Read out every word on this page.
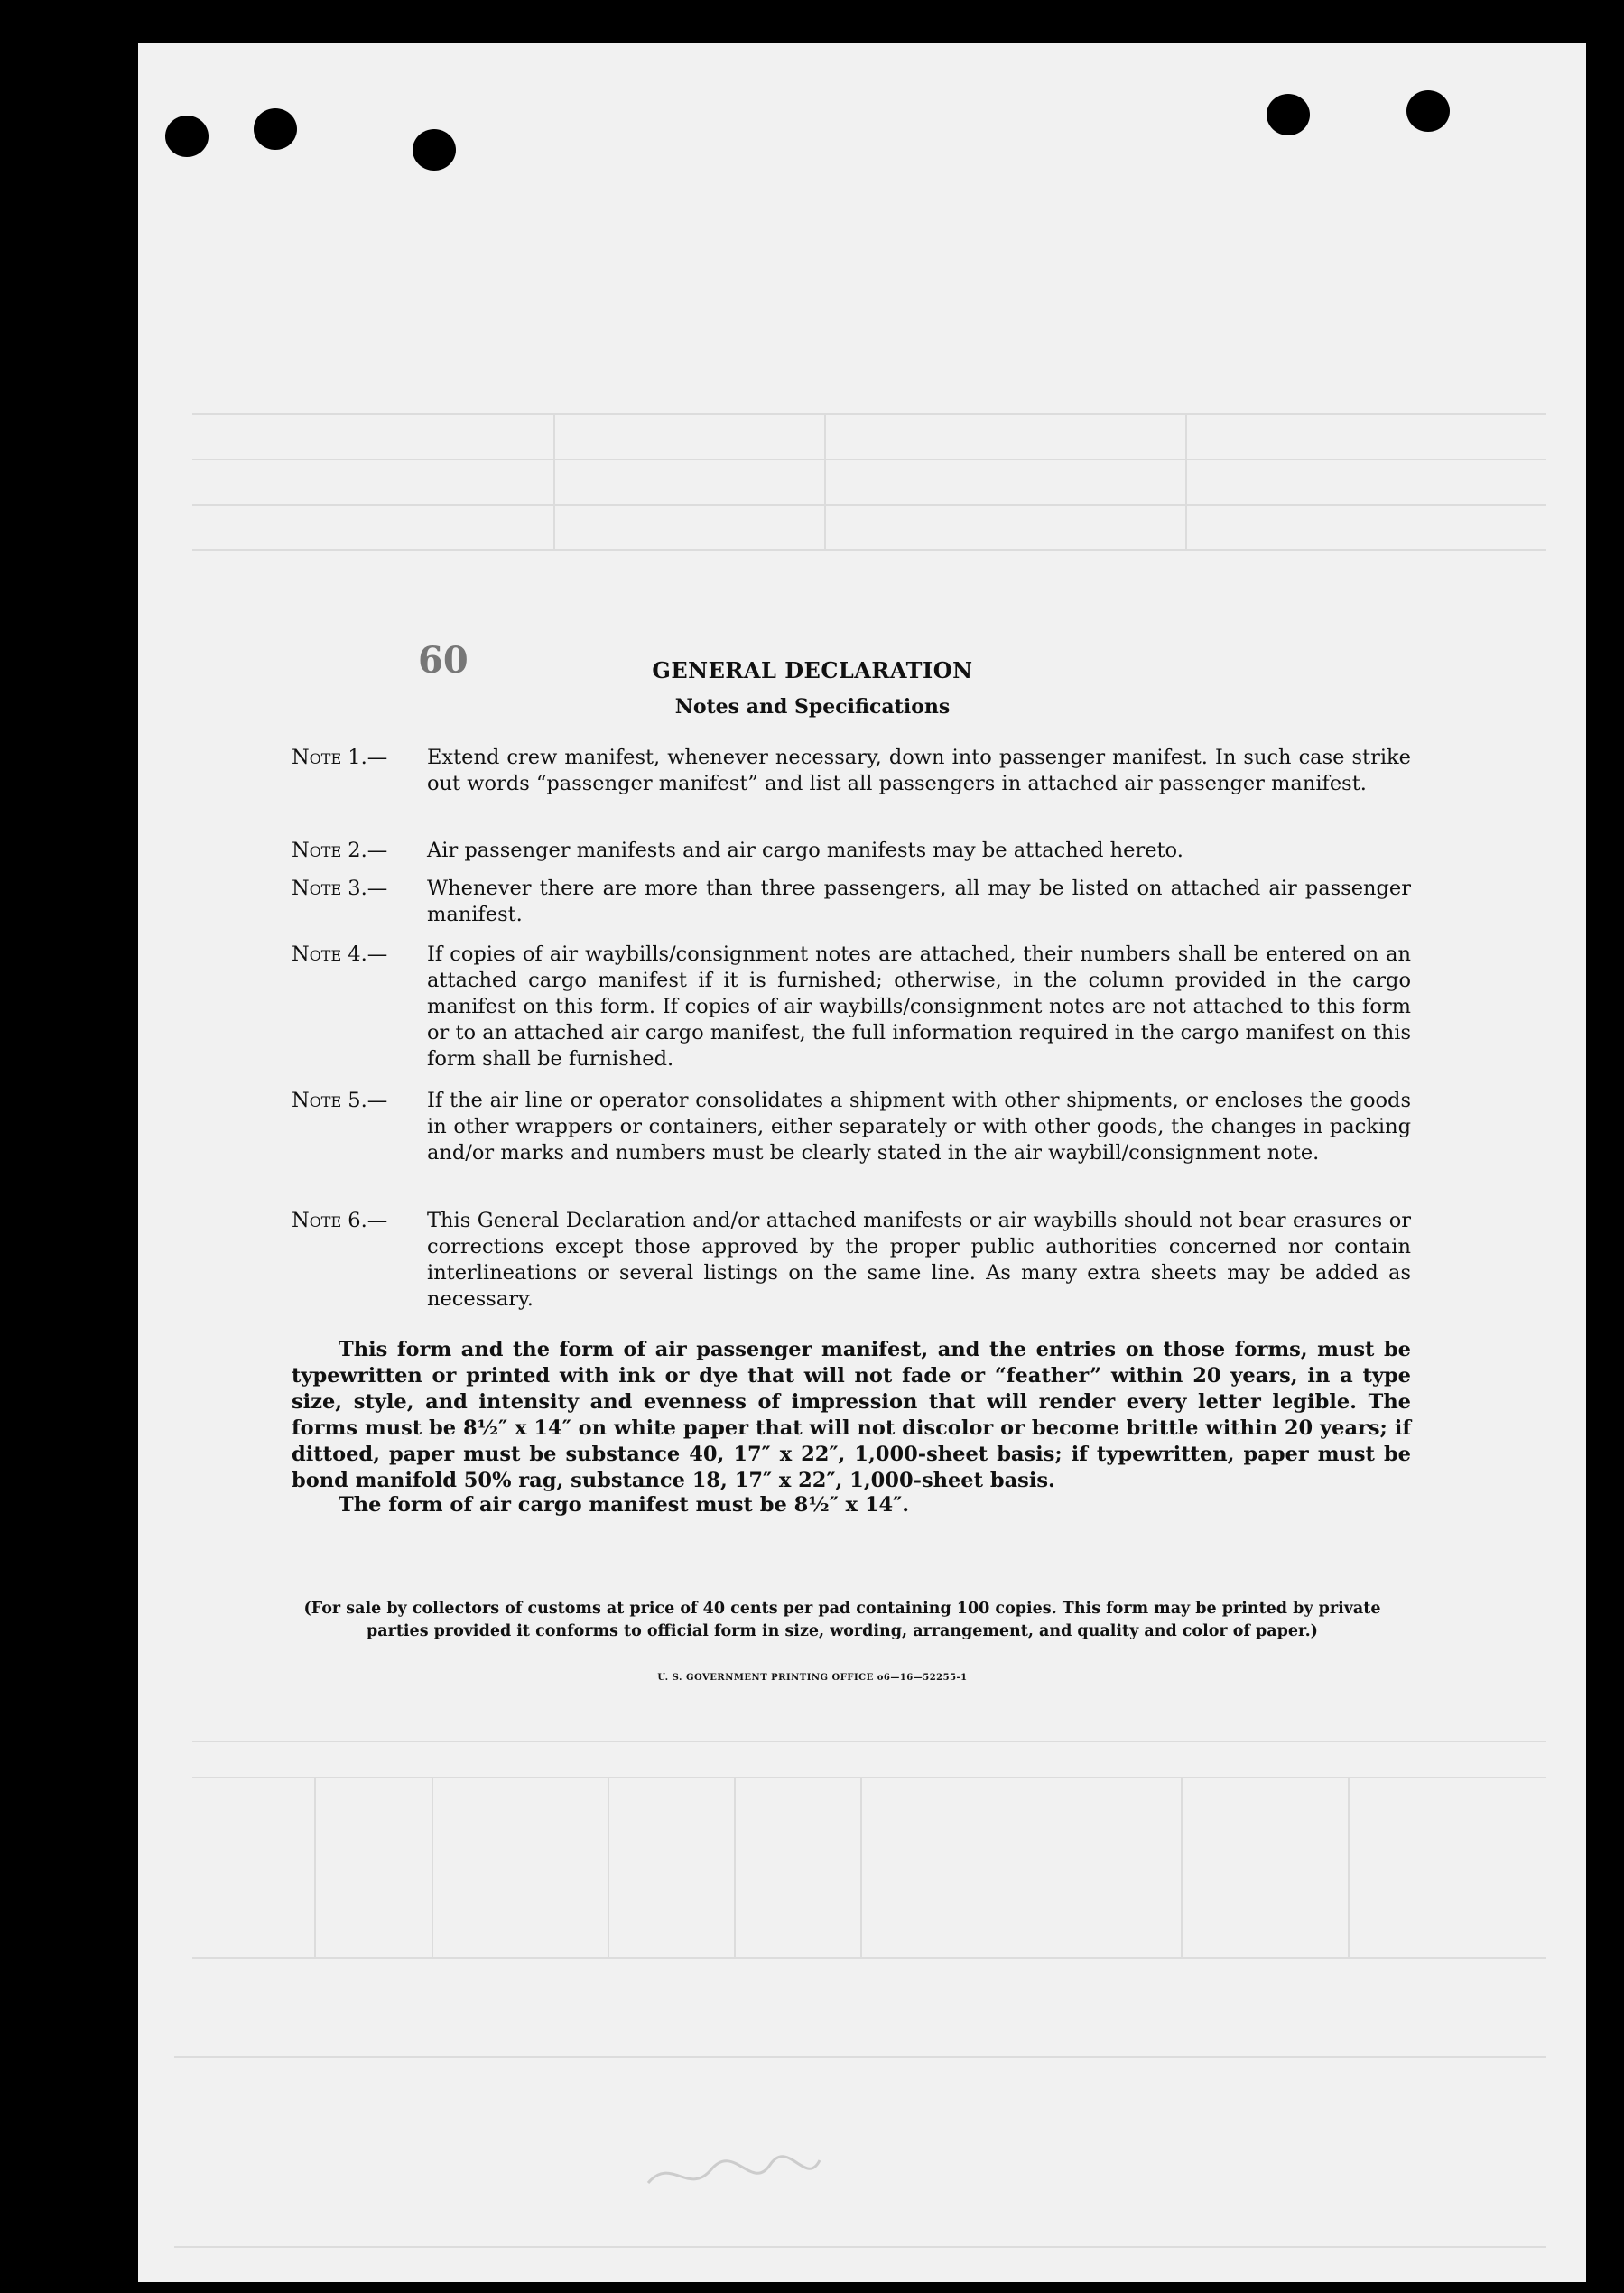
60	GENERAL DECLARATION
Notes and Specifications
Note 1.—	Extend crew manifest, whenever necessary, down into passenger manifest. In such case strike out words “passenger manifest” and list all passengers in attached air passenger manifest.
Note 2.—	Air passenger manifests and air cargo manifests may be attached hereto.
Note 3.—	Whenever there are more than three passengers, all may be listed on attached air passenger manifest.
Note 4.—	If copies of air waybills/consignment notes are attached, their numbers shall be entered on an attached cargo manifest if it is furnished; otherwise, in the column provided in the cargo manifest on this form. If copies of air waybills/consignment notes are not attached to this form or to an attached air cargo manifest, the full information required in the cargo manifest on this form shall be furnished.
Note 5.—	If the air line or operator consolidates a shipment with other shipments, or encloses the goods in other wrappers or containers, either separately or with other goods, the changes in packing and/or marks and numbers must be clearly stated in the air waybill/consignment note.
Note 6.—	This General Declaration and/or attached manifests or air waybills should not bear erasures or corrections except those approved by the proper public authorities concerned nor contain interlineations or several listings on the same line. As many extra sheets may be added as necessary.
This form and the form of air passenger manifest, and the entries on those forms, must be typewritten or printed with ink or dye that will not fade or “feather” within 20 years, in a type size, style, and intensity and evenness of impression that will render every letter legible. The forms must be 8½″ x 14″ on white paper that will not discolor or become brittle within 20 years; if dittoed, paper must be substance 40, 17″ x 22″, 1,000-sheet basis; if typewritten, paper must be bond manifold 50% rag, substance 18, 17″ x 22″, 1,000-sheet basis.
The form of air cargo manifest must be 8½″ x 14″.
(For sale by collectors of customs at price of 40 cents per pad containing 100 copies. This form may be printed by private parties provided it conforms to official form in size, wording, arrangement, and quality and color of paper.)
U. S. GOVERNMENT PRINTING OFFICE o6—16—52255-1
